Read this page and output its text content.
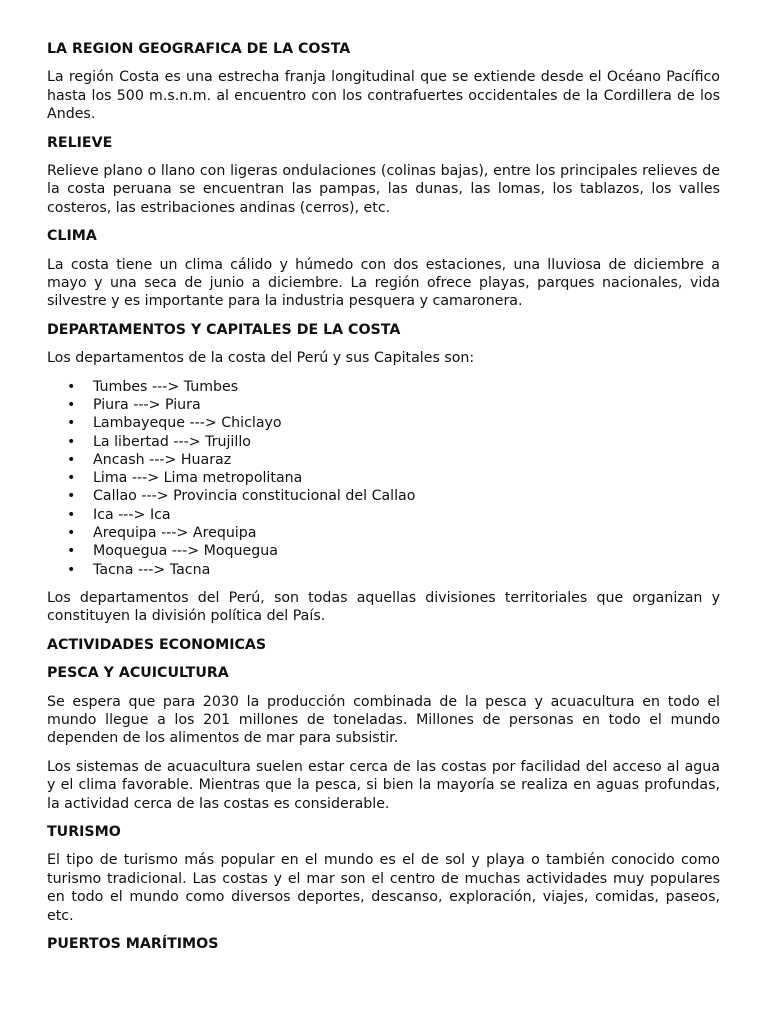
LA REGION GEOGRAFICA DE LA COSTA

La región Costa es una estrecha franja longitudinal que se extiende desde el Océano Pacífico hasta los 500 m.s.n.m. al encuentro con los contrafuertes occidentales de la Cordillera de los Andes.

RELIEVE

Relieve plano o llano con ligeras ondulaciones (colinas bajas), entre los principales relieves de la costa peruana se encuentran las pampas, las dunas, las lomas, los tablazos, los valles costeros, las estribaciones andinas (cerros), etc.

CLIMA

La costa tiene un clima cálido y húmedo con dos estaciones, una lluviosa de diciembre a mayo y una seca de junio a diciembre. La región ofrece playas, parques nacionales, vida silvestre y es importante para la industria pesquera y camaronera.

DEPARTAMENTOS Y CAPITALES DE LA COSTA

Los departamentos de la costa del Perú y sus Capitales son:

• Tumbes ---> Tumbes
• Piura ---> Piura
• Lambayeque ---> Chiclayo
• La libertad ---> Trujillo
• Ancash ---> Huaraz
• Lima ---> Lima metropolitana
• Callao ---> Provincia constitucional del Callao
• Ica ---> Ica
• Arequipa ---> Arequipa
• Moquegua ---> Moquegua
• Tacna ---> Tacna

Los departamentos del Perú, son todas aquellas divisiones territoriales que organizan y constituyen la división política del País.

ACTIVIDADES ECONOMICAS
PESCA Y ACUICULTURA

Se espera que para 2030 la producción combinada de la pesca y acuacultura en todo el mundo llegue a los 201 millones de toneladas. Millones de personas en todo el mundo dependen de los alimentos de mar para subsistir.

Los sistemas de acuacultura suelen estar cerca de las costas por facilidad del acceso al agua y el clima favorable. Mientras que la pesca, si bien la mayoría se realiza en aguas profundas, la actividad cerca de las costas es considerable.

TURISMO

El tipo de turismo más popular en el mundo es el de sol y playa o también conocido como turismo tradicional. Las costas y el mar son el centro de muchas actividades muy populares en todo el mundo como diversos deportes, descanso, exploración, viajes, comidas, paseos, etc.

PUERTOS MARÍTIMOS
